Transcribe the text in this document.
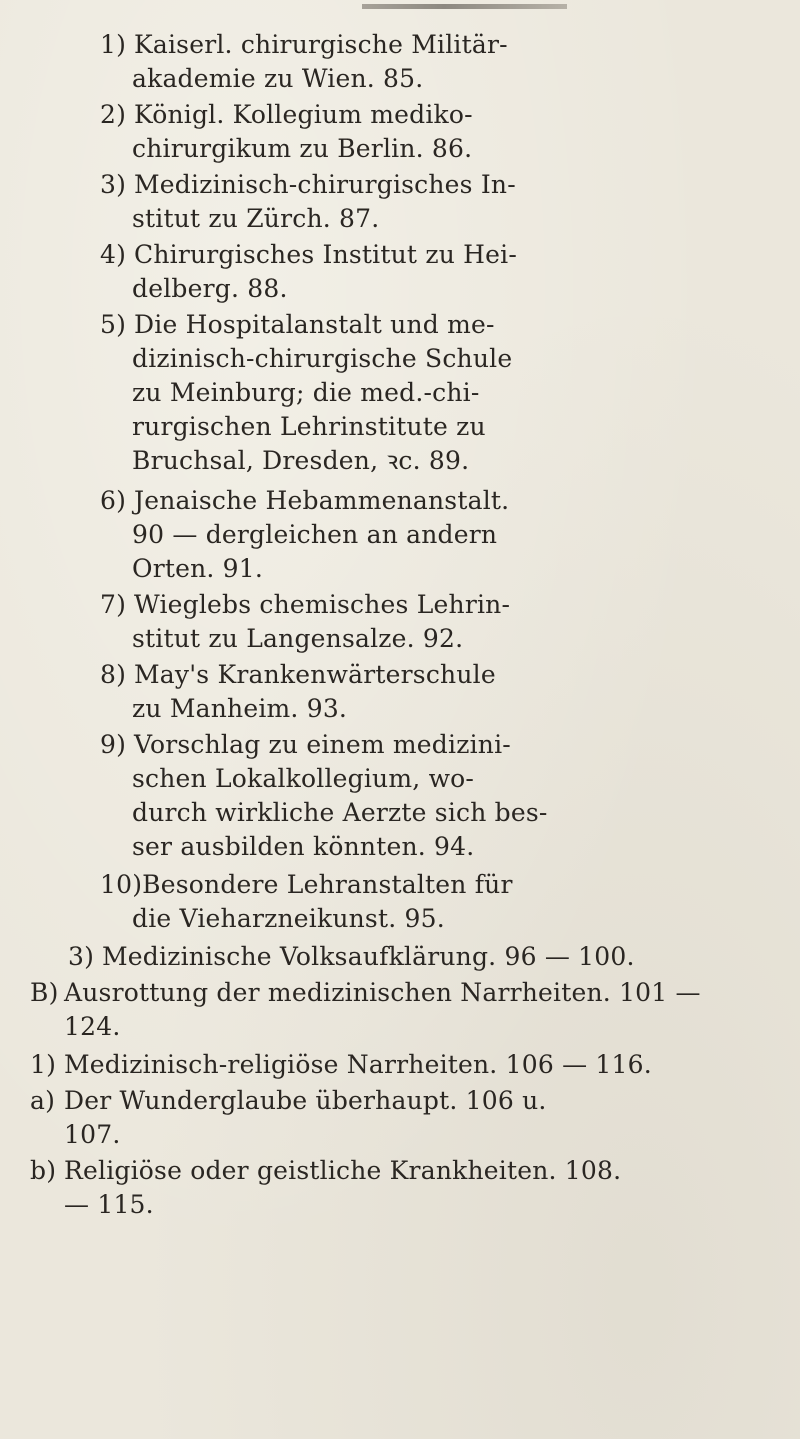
1) Kaiserl. chirurgische Militär-
akademie zu Wien. 85.
2) Königl. Kollegium mediko-
chirurgikum zu Berlin. 86.
3) Medizinisch-chirurgisches In-
stitut zu Zürch. 87.
4) Chirurgisches Institut zu Hei-
delberg. 88.
5) Die Hospitalanstalt und me-
dizinisch-chirurgische Schule
zu Meinburg; die med.-chi-
rurgischen Lehrinstitute zu
Bruchsal, Dresden, ꝛc. 89.
6) Jenaische Hebammenanstalt.
90 — dergleichen an andern
Orten. 91.
7) Wieglebs chemisches Lehrin-
stitut zu Langensalze. 92.
8) May's Krankenwärterschule
zu Manheim. 93.
9) Vorschlag zu einem medizini-
schen Lokalkollegium, wo-
durch wirkliche Aerzte sich bes-
ser ausbilden könnten. 94.
10)Besondere Lehranstalten für
die Vieharzneikunst. 95.
3) Medizinische Volksaufklärung. 96 — 100.
B) Ausrottung der medizinischen Narrheiten. 101 —
124.
1) Medizinisch-religiöse Narrheiten. 106 — 116.
a) Der Wunderglaube überhaupt. 106 u.
107.
b) Religiöse oder geistliche Krankheiten. 108.
— 115.
